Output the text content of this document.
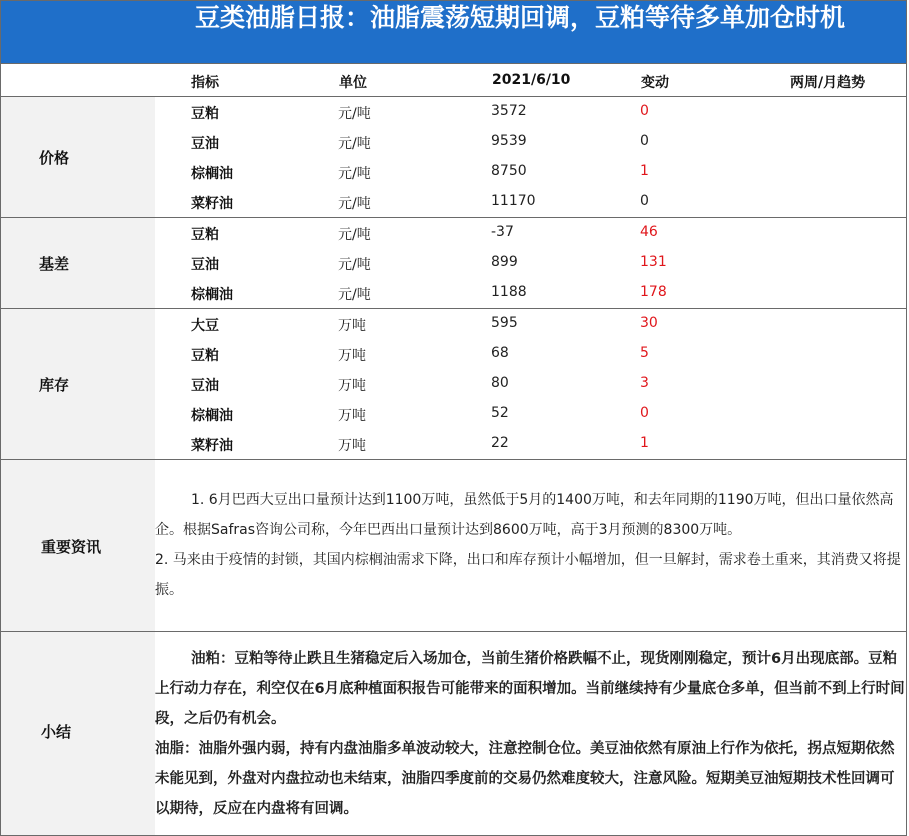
豆类油脂日报：油脂震荡短期回调，豆粕等待多单加仓时机
指标	单位	2021/6/10	变动	两周/月趋势
价格
豆粕	元/吨	3572	0
豆油	元/吨	9539	0
棕榈油	元/吨	8750	1
菜籽油	元/吨	11170	0
基差
豆粕	元/吨	-37	46
豆油	元/吨	899	131
棕榈油	元/吨	1188	178
库存
大豆	万吨	595	30
豆粕	万吨	68	5
豆油	万吨	80	3
棕榈油	万吨	52	0
菜籽油	万吨	22	1
重要资讯
1. 6月巴西大豆出口量预计达到1100万吨，虽然低于5月的1400万吨，和去年同期的1190万吨，但出口量依然高企。根据Safras咨询公司称，今年巴西出口量预计达到8600万吨，高于3月预测的8300万吨。
2. 马来由于疫情的封锁，其国内棕榈油需求下降，出口和库存预计小幅增加，但一旦解封，需求卷土重来，其消费又将提振。
小结
油粕：豆粕等待止跌且生猪稳定后入场加仓，当前生猪价格跌幅不止，现货刚刚稳定，预计6月出现底部。豆粕上行动力存在，利空仅在6月底种植面积报告可能带来的面积增加。当前继续持有少量底仓多单，但当前不到上行时间段，之后仍有机会。
油脂：油脂外强内弱，持有内盘油脂多单波动较大，注意控制仓位。美豆油依然有原油上行作为依托，拐点短期依然未能见到，外盘对内盘拉动也未结束，油脂四季度前的交易仍然难度较大，注意风险。短期美豆油短期技术性回调可以期待，反应在内盘将有回调。
